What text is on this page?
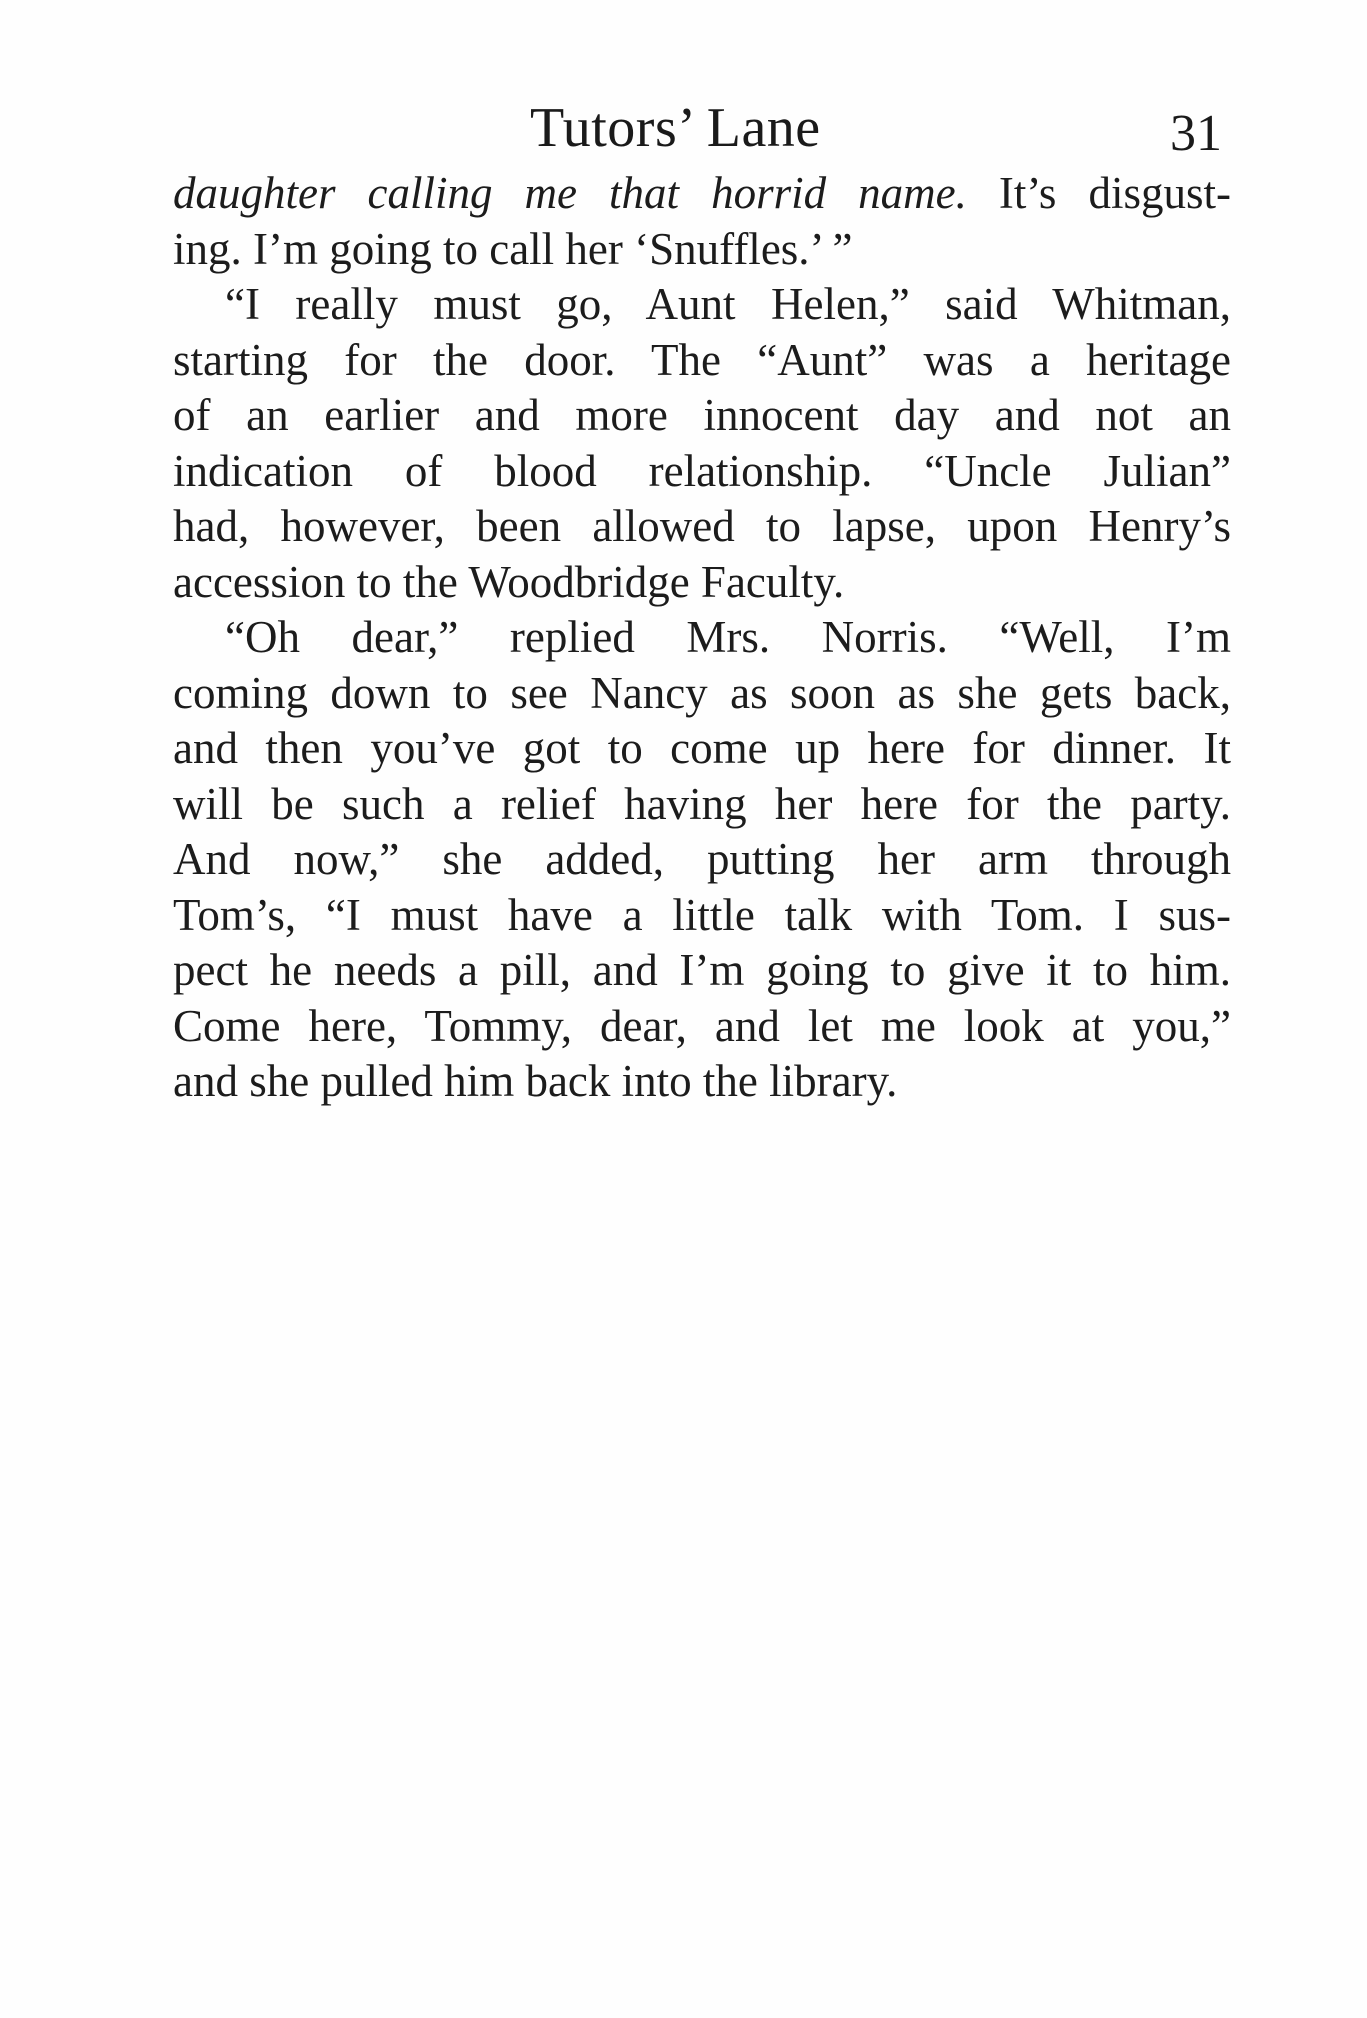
Tutors’ Lane	31
daughter calling me that horrid name. It’s disgust-
ing. I’m going to call her ‘Snuffles.’ ”
“I really must go, Aunt Helen,” said Whitman,
starting for the door. The “Aunt” was a heritage
of an earlier and more innocent day and not an
indication of blood relationship. “Uncle Julian”
had, however, been allowed to lapse, upon Henry’s
accession to the Woodbridge Faculty.
“Oh dear,” replied Mrs. Norris. “Well, I’m
coming down to see Nancy as soon as she gets back,
and then you’ve got to come up here for dinner. It
will be such a relief having her here for the party.
And now,” she added, putting her arm through
Tom’s, “I must have a little talk with Tom. I sus-
pect he needs a pill, and I’m going to give it to him.
Come here, Tommy, dear, and let me look at you,”
and she pulled him back into the library.
